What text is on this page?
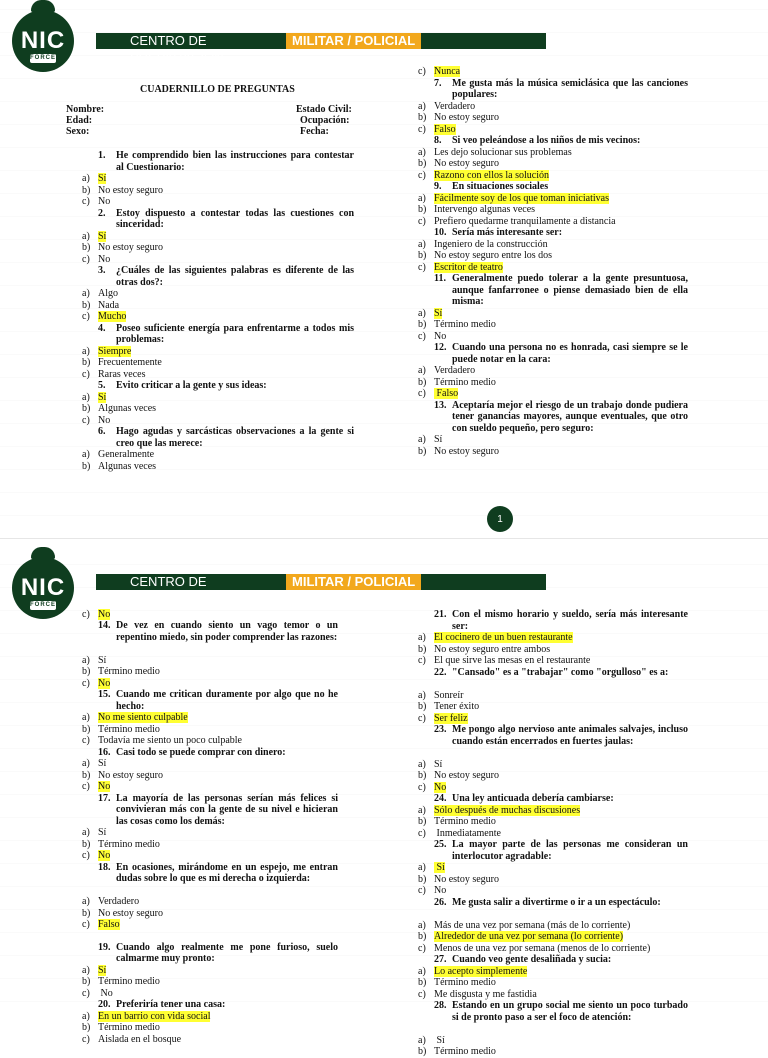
NIC
FORCE
CENTRO DE PREPARACIÓN
MILITAR / POLICIAL
CUADERNILLO DE PREGUNTAS
Nombre:
Edad:
Sexo:
Estado Civil:
Ocupación:
Fecha:
1.	He comprendido bien las instrucciones para contestar al Cuestionario:
a) Sí
b) No estoy seguro
c) No
2.	Estoy dispuesto a contestar todas las cuestiones con sinceridad:
a) Sí
b) No estoy seguro
c) No
3.	¿Cuáles de las siguientes palabras es diferente de las otras dos?:
a) Algo
b) Nada
c) Mucho
4.	Poseo suficiente energía para enfrentarme a todos mis problemas:
a) Siempre
b) Frecuentemente
c) Raras veces
5.	Evito criticar a la gente y sus ideas:
a) Sí
b) Algunas veces
c) No
6.	Hago agudas y sarcásticas observaciones a la gente si creo que las merece:
a) Generalmente
b) Algunas veces
c) Nunca
7.	Me gusta más la música semiclásica que las canciones populares:
a) Verdadero
b) No estoy seguro
c) Falso
8.	Si veo peleándose a los niños de mis vecinos:
a) Les dejo solucionar sus problemas
b) No estoy seguro
c) Razono con ellos la solución
9.	En situaciones sociales
a) Fácilmente soy de los que toman iniciativas
b) Intervengo algunas veces
c) Prefiero quedarme tranquilamente a distancia
10. Sería más interesante ser:
a) Ingeniero de la construcción
b) No estoy seguro entre los dos
c) Escritor de teatro
11. Generalmente puedo tolerar a la gente presuntuosa, aunque fanfarronee o piense demasiado bien de ella misma:
a) Sí
b) Término medio
c) No
12. Cuando una persona no es honrada, casi siempre se le puede notar en la cara:
a) Verdadero
b) Término medio
c) Falso
13. Aceptaría mejor el riesgo de un trabajo donde pudiera tener ganancias mayores, aunque eventuales, que otro con sueldo pequeño, pero seguro:
a) Sí
b) No estoy seguro
1
NIC
FORCE
CENTRO DE PREPARACIÓN
MILITAR / POLICIAL
c) No
14. De vez en cuando siento un vago temor o un repentino miedo, sin poder comprender las razones:
a) Sí
b) Término medio
c) No
15. Cuando me critican duramente por algo que no he hecho:
a) No me siento culpable
b) Término medio
c) Todavía me siento un poco culpable
16. Casi todo se puede comprar con dinero:
a) Sí
b) No estoy seguro
c) No
17. La mayoría de las personas serían más felices si convivieran más con la gente de su nivel e hicieran las cosas como los demás:
a) Sí
b) Término medio
c) No
18. En ocasiones, mirándome en un espejo, me entran dudas sobre lo que es mi derecha o izquierda:
a) Verdadero
b) No estoy seguro
c) Falso
19. Cuando algo realmente me pone furioso, suelo calmarme muy pronto:
a) Sí
b) Término medio
c) No
20. Preferiría tener una casa:
a) En un barrio con vida social
b) Término medio
c) Aislada en el bosque
21. Con el mismo horario y sueldo, sería más interesante ser:
a) El cocinero de un buen restaurante
b) No estoy seguro entre ambos
c) El que sirve las mesas en el restaurante
22. "Cansado" es a "trabajar" como "orgulloso" es a:
a) Sonreír
b) Tener éxito
c) Ser feliz
23. Me pongo algo nervioso ante animales salvajes, incluso cuando están encerrados en fuertes jaulas:
a) Sí
b) No estoy seguro
c) No
24. Una ley anticuada debería cambiarse:
a) Sólo después de muchas discusiones
b) Término medio
c) Inmediatamente
25. La mayor parte de las personas me consideran un interlocutor agradable:
a) Sí
b) No estoy seguro
c) No
26. Me gusta salir a divertirme o ir a un espectáculo:
a) Más de una vez por semana (más de lo corriente)
b) Alrededor de una vez por semana (lo corriente)
c) Menos de una vez por semana (menos de lo corriente)
27. Cuando veo gente desaliñada y sucia:
a) Lo acepto simplemente
b) Término medio
c) Me disgusta y me fastidia
28. Estando en un grupo social me siento un poco turbado si de pronto paso a ser el foco de atención:
a) Sí
b) Término medio
